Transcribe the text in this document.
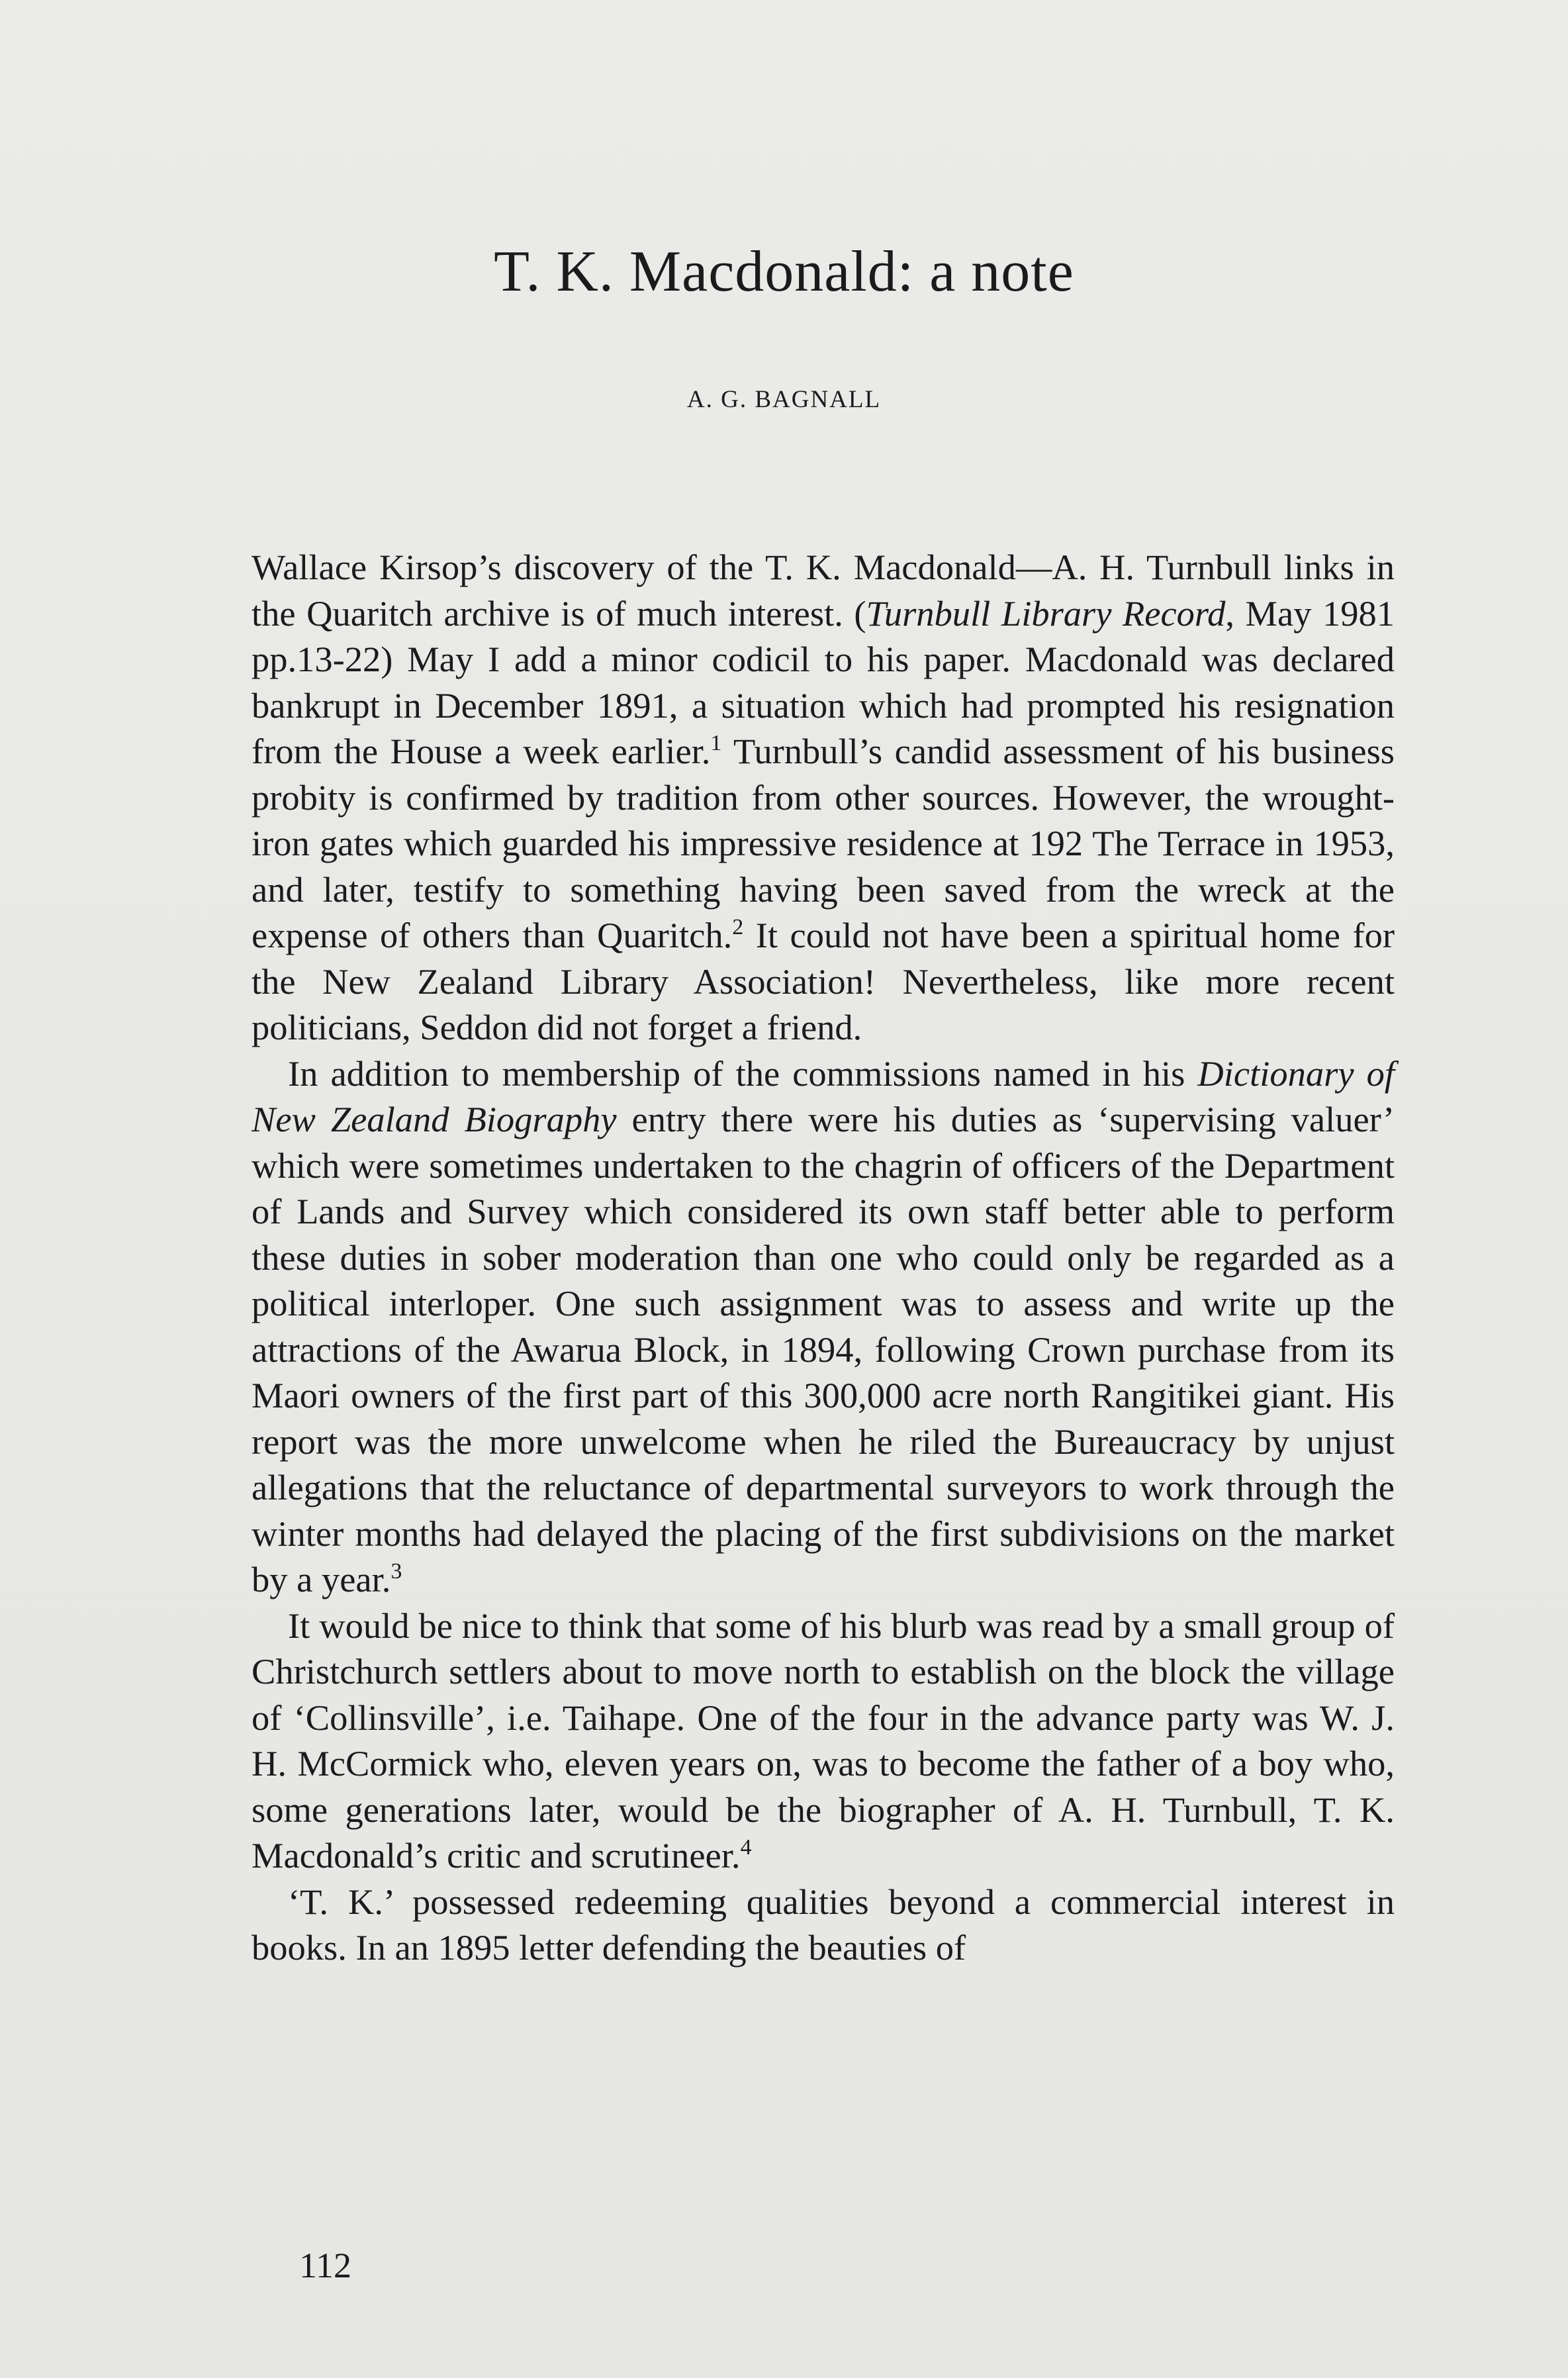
T. K. Macdonald: a note
A. G. BAGNALL

Wallace Kirsop’s discovery of the T. K. Macdonald—A. H. Turnbull links in the Quaritch archive is of much interest. (Turnbull Library Record, May 1981 pp.13-22) May I add a minor codicil to his paper. Macdonald was declared bankrupt in December 1891, a situation which had prompted his resignation from the House a week earlier.$^1$ Turnbull’s candid assessment of his business probity is confirmed by tradition from other sources. However, the wrought-iron gates which guarded his impressive residence at 192 The Terrace in 1953, and later, testify to something having been saved from the wreck at the expense of others than Quaritch.$^2$ It could not have been a spiritual home for the New Zealand Library Association! Nevertheless, like more recent politicians, Seddon did not forget a friend.

In addition to membership of the commissions named in his Dictionary of New Zealand Biography entry there were his duties as ‘supervising valuer’ which were sometimes undertaken to the chagrin of officers of the Department of Lands and Survey which considered its own staff better able to perform these duties in sober moderation than one who could only be regarded as a political interloper. One such assignment was to assess and write up the attractions of the Awarua Block, in 1894, following Crown purchase from its Maori owners of the first part of this 300,000 acre north Rangitikei giant. His report was the more unwelcome when he riled the Bureaucracy by unjust allegations that the reluctance of departmental surveyors to work through the winter months had delayed the placing of the first subdivisions on the market by a year.$^3$

It would be nice to think that some of his blurb was read by a small group of Christchurch settlers about to move north to establish on the block the village of ‘Collinsville’, i.e. Taihape. One of the four in the advance party was W. J. H. McCormick who, eleven years on, was to become the father of a boy who, some generations later, would be the biographer of A. H. Turnbull, T. K. Macdonald’s critic and scrutineer.$^4$

‘T. K.’ possessed redeeming qualities beyond a commercial interest in books. In an 1895 letter defending the beauties of

112
